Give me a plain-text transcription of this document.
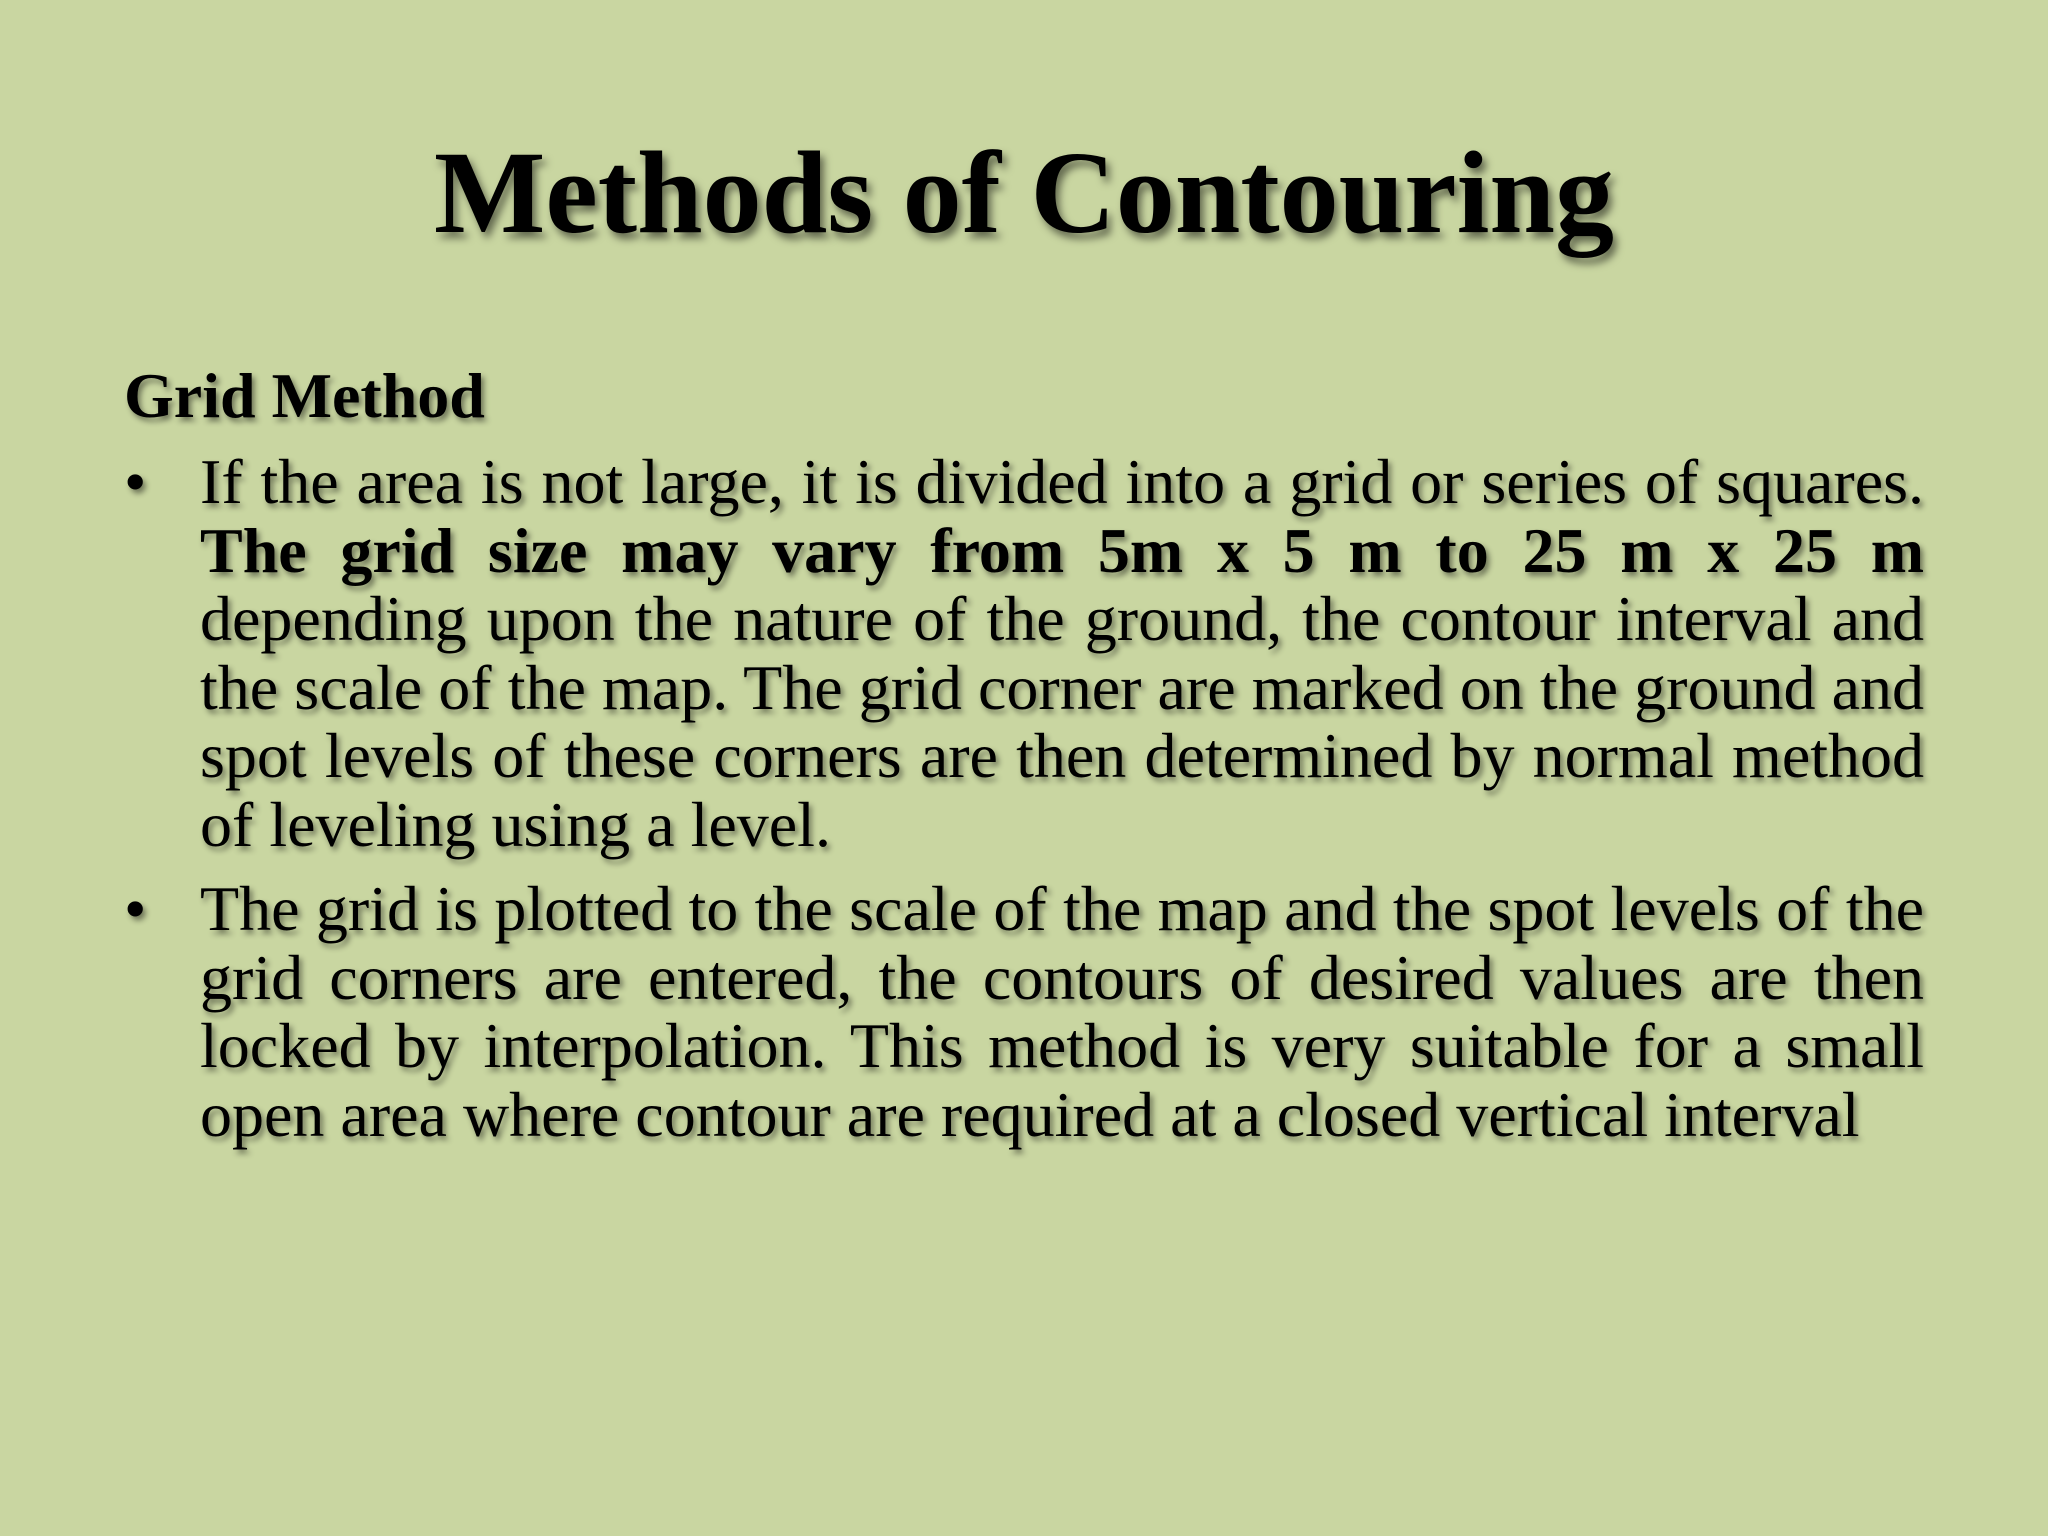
Methods of Contouring
Grid Method
• If the area is not large, it is divided into a grid or series of squares. The grid size may vary from 5m x 5 m to 25 m x 25 m depending upon the nature of the ground, the contour interval and the scale of the map. The grid corner are marked on the ground and spot levels of these corners are then determined by normal method of leveling using a level.
• The grid is plotted to the scale of the map and the spot levels of the grid corners are entered, the contours of desired values are then locked by interpolation. This method is very suitable for a small open area where contour are required at a closed vertical interval
